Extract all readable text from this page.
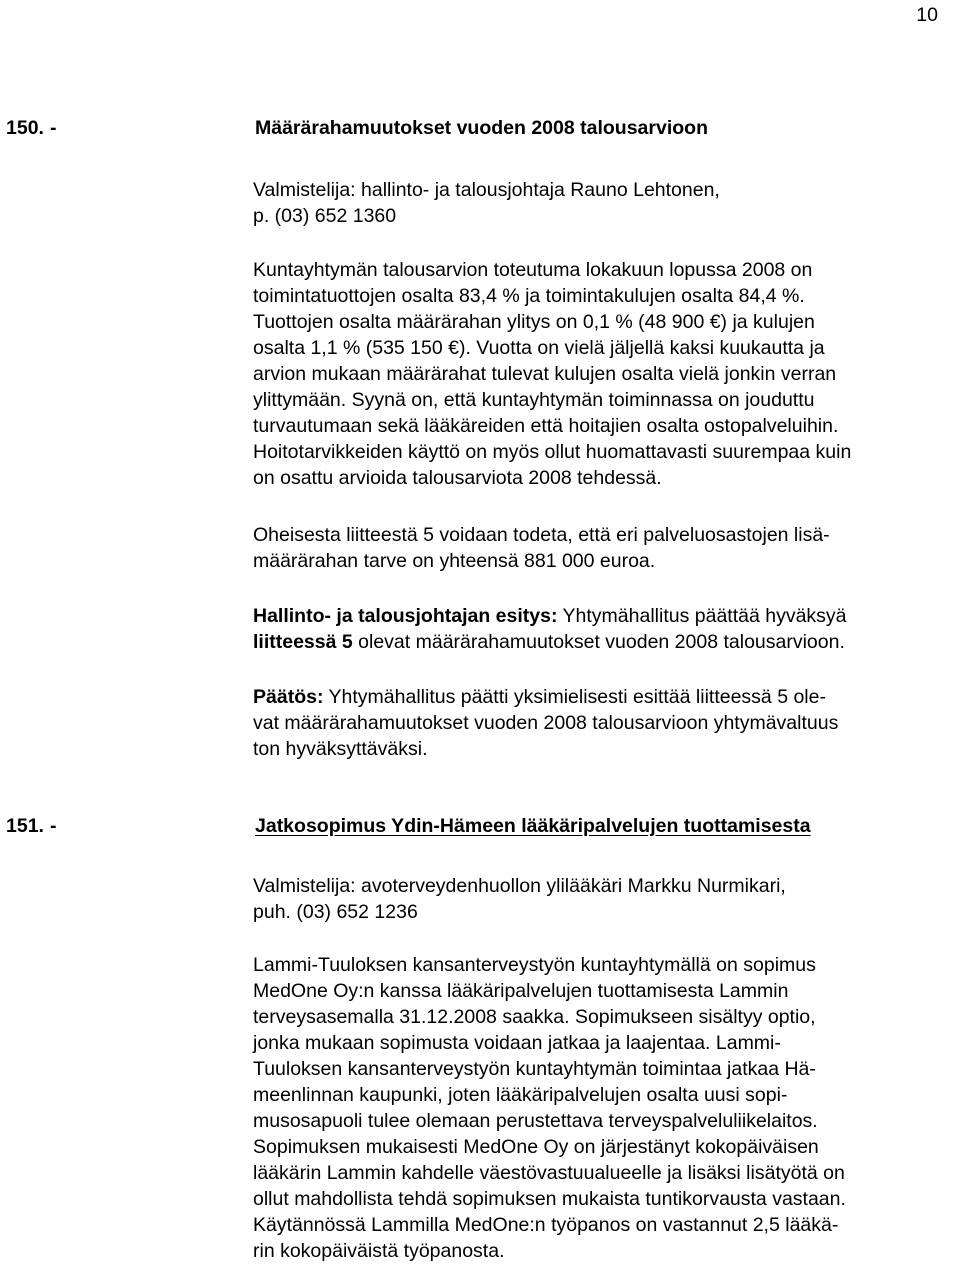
10
150. -	Määrärahamuutokset vuoden 2008 talousarvioon
Valmistelija: hallinto- ja talousjohtaja Rauno Lehtonen,
p. (03) 652 1360
Kuntayhtymän talousarvion toteutuma lokakuun lopussa 2008 on
toimintatuottojen osalta 83,4 % ja toimintakulujen osalta 84,4 %.
Tuottojen osalta määrärahan ylitys on 0,1 % (48 900 €) ja kulujen
osalta 1,1 % (535 150 €). Vuotta on vielä jäljellä kaksi kuukautta ja
arvion mukaan määrärahat tulevat kulujen osalta vielä jonkin verran
ylittymään. Syynä on, että kuntayhtymän toiminnassa on jouduttu
turvautumaan sekä lääkäreiden että hoitajien osalta ostopalveluihin.
Hoitotarvikkeiden käyttö on myös ollut huomattavasti suurempaa kuin
on osattu arvioida talousarviota 2008 tehdessä.
Oheisesta liitteestä 5 voidaan todeta, että eri palveluosastojen lisä-
määrärahan tarve on yhteensä 881 000 euroa.
Hallinto- ja talousjohtajan esitys: Yhtymähallitus päättää hyväksyä
liitteessä 5 olevat määrärahamuutokset vuoden 2008 talousarvioon.
Päätös: Yhtymähallitus päätti yksimielisesti esittää liitteessä 5 ole-
vat määrärahamuutokset vuoden 2008 talousarvioon yhtymävaltuus
ton hyväksyttäväksi.
151. -	Jatkosopimus Ydin-Hämeen lääkäripalvelujen tuottamisesta
Valmistelija: avoterveydenhuollon ylilääkäri Markku Nurmikari,
puh. (03) 652 1236
Lammi-Tuuloksen kansanterveystyön kuntayhtymällä on sopimus
MedOne Oy:n kanssa lääkäripalvelujen tuottamisesta Lammin
terveysasemalla 31.12.2008 saakka. Sopimukseen sisältyy optio,
jonka mukaan sopimusta voidaan jatkaa ja laajentaa. Lammi-
Tuuloksen kansanterveystyön kuntayhtymän toimintaa jatkaa Hä-
meenlinnan kaupunki, joten lääkäripalvelujen osalta uusi sopi-
musosapuoli tulee olemaan perustettava terveyspalveluliikelaitos.
Sopimuksen mukaisesti MedOne Oy on järjestänyt kokopäiväisen
lääkärin Lammin kahdelle väestövastuualueelle ja lisäksi lisätyötä on
ollut mahdollista tehdä sopimuksen mukaista tuntikorvausta vastaan.
Käytännössä Lammilla MedOne:n työpanos on vastannut 2,5 lääkä-
rin kokopäiväistä työpanosta.
